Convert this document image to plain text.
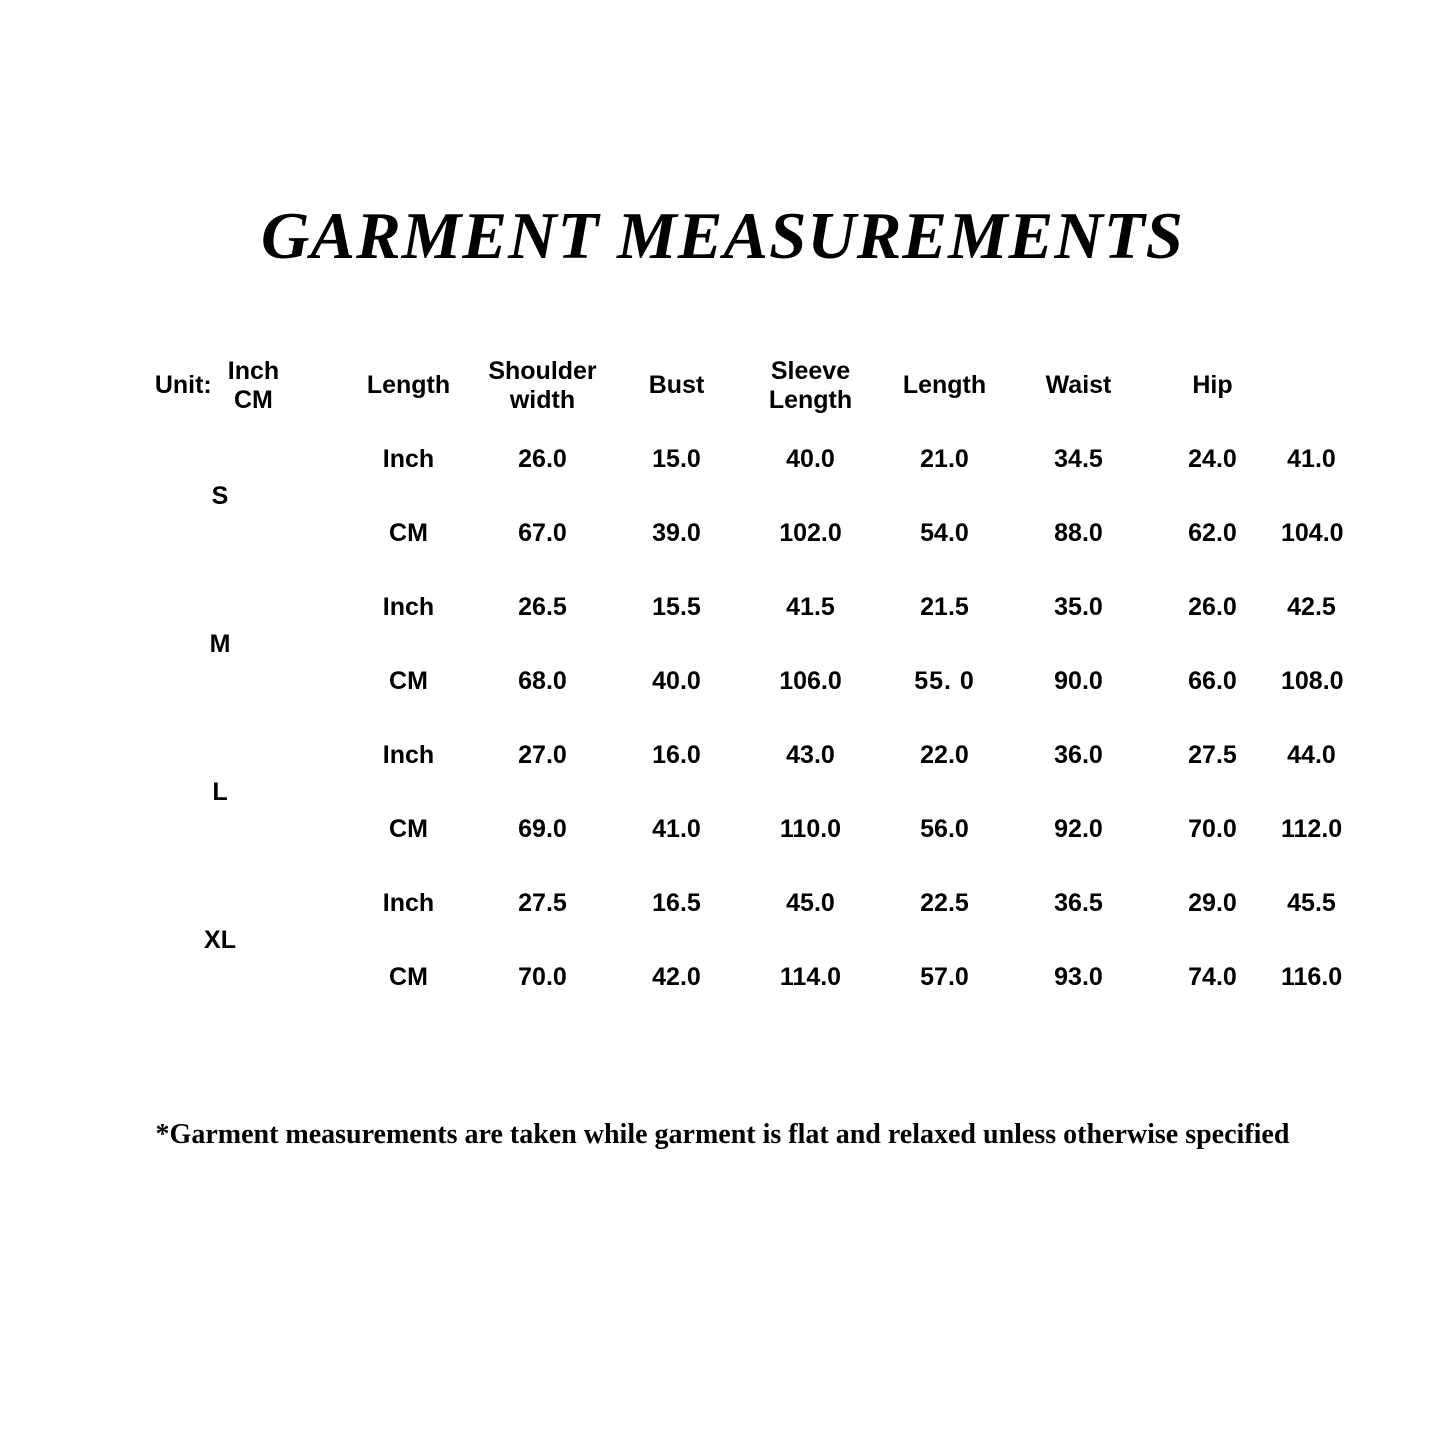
GARMENT MEASUREMENTS
Unit: $\frac{\text{Inch}}{CM}$	Length	Shoulder width	Bust	Sleeve Length	Length	Waist	Hip	
S	Inch	26.0	15.0	40.0	21.0	34.5	24.0	41.0
	CM	67.0	39.0	102.0	54.0	88.0	62.0	104.0
M	Inch	26.5	15.5	41.5	21.5	35.0	26.0	42.5
	CM	68.0	40.0	106.0	55. 0	90.0	66.0	108.0
L	Inch	27.0	16.0	43.0	22.0	36.0	27.5	44.0
	CM	69.0	41.0	110.0	56.0	92.0	70.0	112.0
XL	Inch	27.5	16.5	45.0	22.5	36.5	29.0	45.5
	CM	70.0	42.0	114.0	57.0	93.0	74.0	116.0
*Garment measurements are taken while garment is flat and relaxed unless otherwise specified
